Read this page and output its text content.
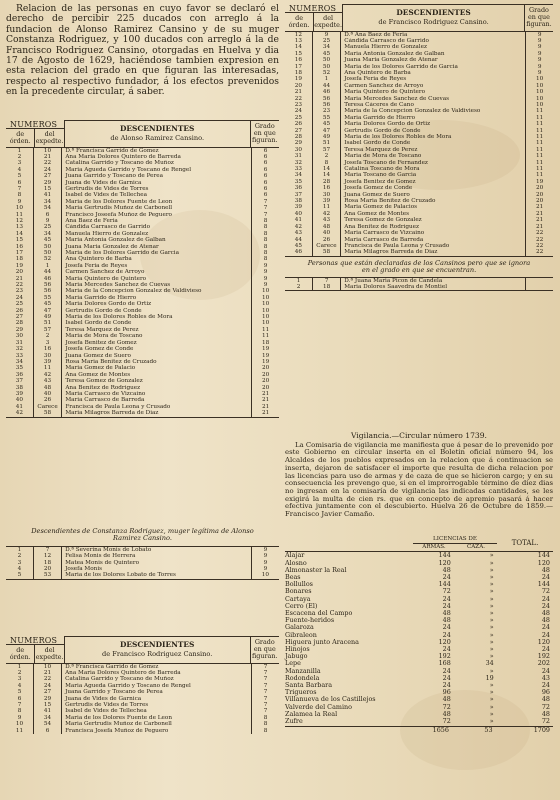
Relacion de las personas en cuyo favor se declaró el derecho de percibir 225 ducados con arreglo á la fundacion de Alonso Ramirez Cansino y de su muger Constanza Rodriguez, y 100 ducados con arreglo á la de Francisco Rodriguez Cansino, otorgadas en Huelva y dia 17 de Agosto de 1629, haciéndose tambien expresion en esta relacion del grado en que figuran las interesadas, respecto al respectivo fundador, á los efectos prevenidos en la precedente circular, á saber.

NUMEROS		DESCENDIENTES
de Alonso Ramirez Cansino.	Grado en que figuran.
de órden.	del expedte.		
1	10	D.ª Francisca Garrido de Gomez	6
2	21	Ana Maria Dolores Quintero de Barreda	6
3	22	Catalina Garrido y Toscano de Muñoz	6
4	24	Maria Agueda Garrido y Toscano de Rengel	6
5	27	Juana Garrido y Toscano de Perea	6
6	29	Juana de Vides de Garnica	6
7	15	Gertrudis de Vides de Torres	6
8	41	Isabel de Vides de Tellechea	6
9	34	Maria de los Dolores Fuente de Leon	7
10	54	Maria Gertrudis Muñoz de Carbonell	7
11	6	Francisco Joseefa Muñoz de Peguero	7
12	9	Ana Baez de Feria	8
13	25	Cándida Carrasco de Garrido	8
14	34	Manuela Hierro de Gonzalez	8
15	45	Maria Antonia Gonzalez de Galban	8
16	50	Juana Maria Gonzalez de Atenar	8
17	50	Maria de los Dolores Garrido de Garcia	8
18	52	Ana Quintero de Barba	8
19	1	Josefa Feria de Reyes	9
20	44	Carmen Sanchez de Arroyo	9
21	46	Maria Quintero de Quintero	9
22	56	Maria Mercedes Sanchez de Cuevas	9
23	56	Maria de la Concepcion Gonzalez de Valdivieso	10
24	55	Maria Garrido de Hierro	10
25	45	Maria Dolores Gordo de Ortiz	10
26	47	Gertrudis Gordo de Conde	10
27	49	Maria de los Dolores Robles de Mora	10
28	51	Isabel Gordo de Conde	10
29	57	Teresa Marquez de Perez	11
30	2	Maria de Mora de Toscano	11
31	3	Josefa Benitez de Gomez	18
32	16	Josefa Gomez de Conde	19
33	30	Juana Gomez de Suero	19
34	39	Rosa Maria Benitez de Cruzado	19
35	11	Maria Gomez de Palacio	20
36	42	Ana Gomez de Montes	20
37	43	Teresa Gomez de Gonzalez	20
38	48	Ana Benitez de Rodriguez	20
39	40	Maria Carrasco de Vizcaino	21
40	26	Maria Carrasco de Barreda	21
41	Carece	Francisca de Paula Leona y Crusado	21
42	58	Maria Milagros Barreda de Diaz	21
Descendientes de Constanza Rodriguez, muger legítima de Alonso Ramirez Cansino.
1	7	D.ª Severina Monis de Lobato	9
2	12	Felisa Monis de Herrera	9
3	18	Matea Monis de Quintero	9
4	20	Josefa Monis	9
5	53	Maria de los Dolores Lobato de Torres	10
NUMEROS		DESCENDIENTES
de Francisco Rodriguez Cansino.	Grado en que figuran.
de órden.	del expedte.		
1	10	D.ª Francisca Garrido de Gomez	7
2	21	Ana Maria Dolores Quintero de Barreda	7
3	22	Catalina Garrido y Toscano de Muñoz	7
4	24	Maria Agueda Garrido y Toscano de Rengel	7
5	27	Juana Garrido y Toscano de Perea	7
6	29	Juana de Vides de Garnica	7
7	15	Gertrudis de Vides de Torres	7
8	41	Isabel de Vides de Tellechea	7
9	34	Maria de los Dolores Fuente de Leon	8
10	54	Maria Gertrudis Muñoz de Carbonell	8
11	6	Francisca Josefa Muñoz de Peguero	8
NUMEROS		DESCENDIENTES
de Francisco Rodriguez Cansino.	Grado en que figuran.
de órden.	del expedte.		
12	9	D.ª Ana Baez de Feria	9
13	25	Cándida Carrasco de Garrido	9
14	34	Manuela Hierro de Gonzalez	9
15	45	Maria Antonia Gonzalez de Galban	9
16	50	Juana Maria Gonzalez de Atenar	9
17	50	Maria de los Dolores Garrido de Garcia	9
18	52	Ana Quintero de Barba	9
19	1	Josefa Feria de Reyes	10
20	44	Carmen Sanchez de Arroyo	10
21	46	Maria Quintero de Quintero	10
22	56	Maria Mercedes Sanchez de Cuevas	10
23	56	Teresa Cáceres de Cano	10
24	23	Maria de la Concepcion Gonzalez de Valdivieso	11
25	55	Maria Garrido de Hierro	11
26	45	Maria Dolores Gordo de Ortiz	11
27	47	Gertrudis Gordo de Conde	11
28	49	Maria de los Dolores Robles de Mora	11
29	51	Isabel Gordo de Conde	11
30	57	Teresa Marquez de Perez	11
31	2	Maria de Mora de Toscano	11
32	8	Josefa Toscano de Fernandez	11
33	14	Catalina Toscano de Mora	11
34	14	Maria Toscano de Garcia	11
35	28	Josefa Benitez de Gomez	19
36	16	Josefa Gomez de Conde	20
37	30	Juana Gomez de Suero	20
38	39	Rosa Maria Benitez de Cruzado	20
39	11	Maria Gomez de Palacios	21
40	42	Ana Gomez de Montes	21
41	43	Teresa Gomez de Gonzalez	21
42	48	Ana Benitez de Rodriguez	21
43	40	Maria Carrasco de Vizcaino	22
44	26	Maria Carrasco de Barreda	22
45	Carece	Francisca de Paula Leona y Crusado	22
46	58	Maria Milagros Barreda de Diaz	22
Personas que están declaradas de los Cansinos pero que se ignora en el grado en que se encuentran.
1	7	D.ª Juana Maria Picon de Candela	
2	18	Maria Dolores Saavedra de Montiel	

Vigilancia.—Circular número 1739.

La Comisaria de vigilancia me manifiesta que á pesar de lo prevenido por este Gobierno en circular inserta en el Boletin oficial número 94, los Alcaldes de los pueblos expresados en la relacion que á continuacion se inserta, dejaron de satisfacer el importe que resulta de dicha relacion por las licencias para uso de armas y de caza de que se hicieron cargo; y en su consecuencia les prevengo que, si en el improrrogable término de diez dias no ingresan en la comisaría de vigilancia las indicadas cantidades, se les exigirá la multa de cien rs. que en concepto de apremio pasará á hacer efectiva juntamente con el descubierto. Huelva 26 de Octubre de 1859.—Francisco Javier Camaño.

	LICENCIAS DE		TOTAL.
	ARMAS.	CAZA.	
Alajar	144	»	144
Alosno	120	»	120
Almonaster la Real	48	»	48
Beas	24	»	24
Bollullos	144	»	144
Bonares	72	»	72
Cartaya	24	»	24
Cerro (El)	24	»	24
Escacena del Campo	48	»	48
Fuente-heridos	48	»	48
Galaroza	24	»	24
Gibraleon	24	»	24
Higuera junto Aracena	120	»	120
Hinojos	24	»	24
Jabugo	192	»	192
Lepe	168	34	202
Manzanilla	24	»	24
Rodondela	24	19	43
Santa Barbara	24	»	24
Trigueros	96	»	96
Villanueva de los Castillejos	48	»	48
Valverde del Camino	72	»	72
Zalamea la Real	48	»	48
Zufre	72	»	72
	1656	53	1709
